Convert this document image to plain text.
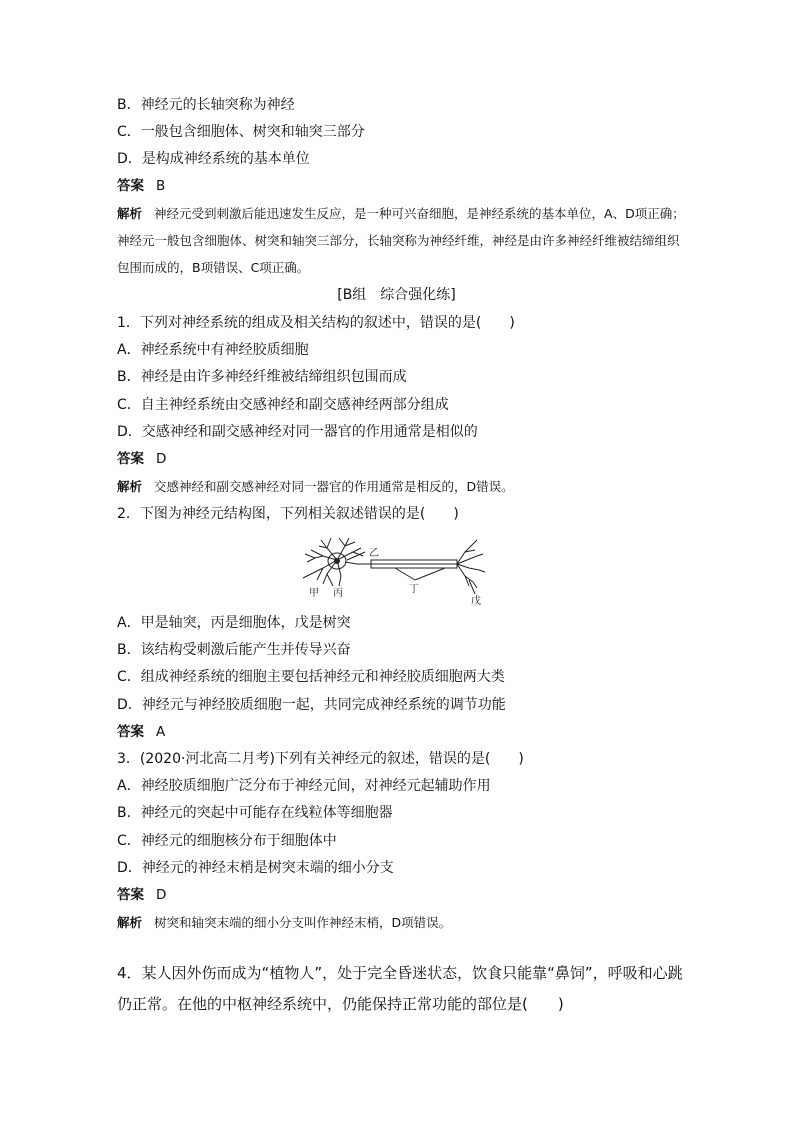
B．神经元的长轴突称为神经
C．一般包含细胞体、树突和轴突三部分
D．是构成神经系统的基本单位
答案 B
解析 神经元受到刺激后能迅速发生反应，是一种可兴奋细胞，是神经系统的基本单位，A、D项正确；神经元一般包含细胞体、树突和轴突三部分，长轴突称为神经纤维，神经是由许多神经纤维被结缔组织包围而成的，B项错误、C项正确。
[B组　综合强化练]
1．下列对神经系统的组成及相关结构的叙述中，错误的是(　　)
A．神经系统中有神经胶质细胞
B．神经是由许多神经纤维被结缔组织包围而成
C．自主神经系统由交感神经和副交感神经两部分组成
D．交感神经和副交感神经对同一器官的作用通常是相似的
答案 D
解析 交感神经和副交感神经对同一器官的作用通常是相反的，D错误。
2．下图为神经元结构图，下列相关叙述错误的是(　　)
乙
甲 丙	丁
戊
A．甲是轴突，丙是细胞体，戊是树突
B．该结构受刺激后能产生并传导兴奋
C．组成神经系统的细胞主要包括神经元和神经胶质细胞两大类
D．神经元与神经胶质细胞一起，共同完成神经系统的调节功能
答案 A
3．(2020·河北高二月考)下列有关神经元的叙述，错误的是(　　)
A．神经胶质细胞广泛分布于神经元间，对神经元起辅助作用
B．神经元的突起中可能存在线粒体等细胞器
C．神经元的细胞核分布于细胞体中
D．神经元的神经末梢是树突末端的细小分支
答案 D
解析 树突和轴突末端的细小分支叫作神经末梢，D项错误。
4．某人因外伤而成为“植物人”，处于完全昏迷状态，饮食只能靠“鼻饲”，呼吸和心跳仍正常。在他的中枢神经系统中，仍能保持正常功能的部位是(　　)
